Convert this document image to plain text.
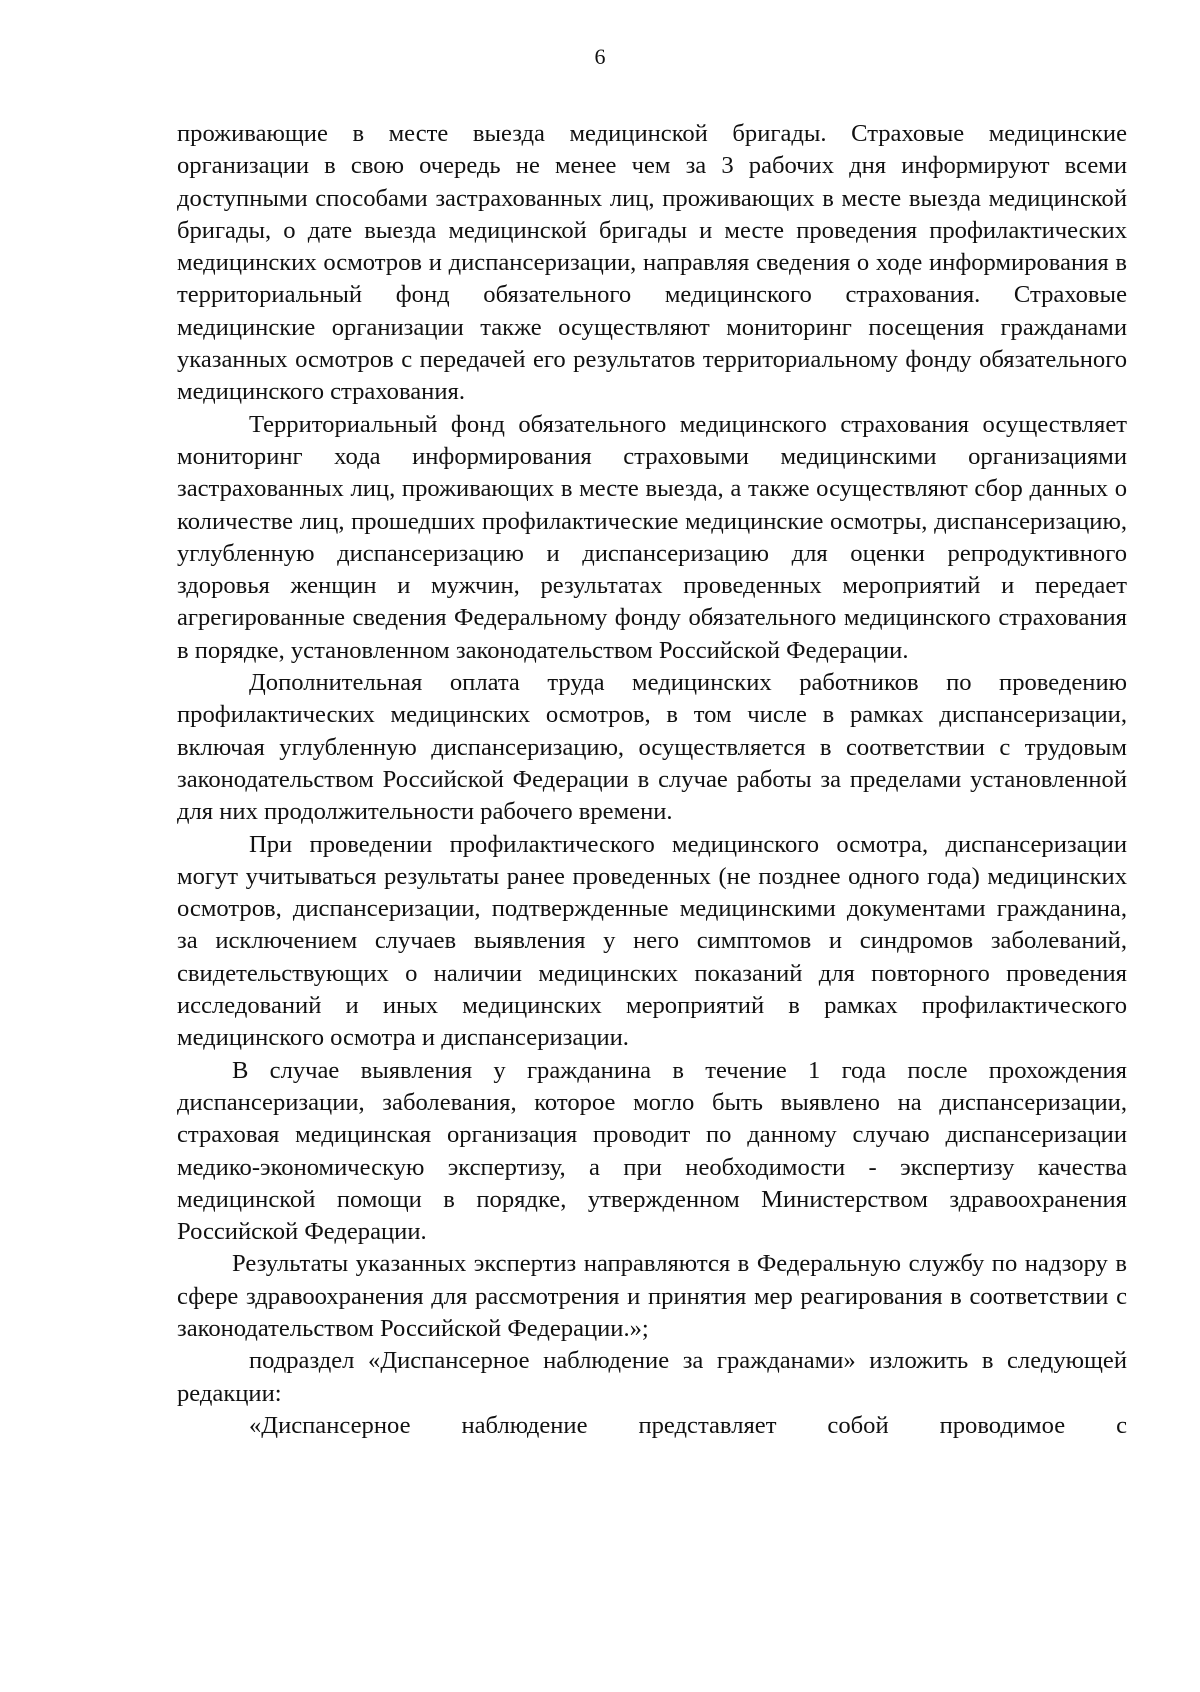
6

проживающие в месте выезда медицинской бригады. Страховые медицинские организации в свою очередь не менее чем за 3 рабочих дня информируют всеми доступными способами застрахованных лиц, проживающих в месте выезда медицинской бригады, о дате выезда медицинской бригады и месте проведения профилактических медицинских осмотров и диспансеризации, направляя сведения о ходе информирования в территориальный фонд обязательного медицинского страхования. Страховые медицинские организации также осуществляют мониторинг посещения гражданами указанных осмотров с передачей его результатов территориальному фонду обязательного медицинского страхования.

Территориальный фонд обязательного медицинского страхования осуществляет мониторинг хода информирования страховыми медицинскими организациями застрахованных лиц, проживающих в месте выезда, а также осуществляют сбор данных о количестве лиц, прошедших профилактические медицинские осмотры, диспансеризацию, углубленную диспансеризацию и диспансеризацию для оценки репродуктивного здоровья женщин и мужчин, результатах проведенных мероприятий и передает агрегированные сведения Федеральному фонду обязательного медицинского страхования в порядке, установленном законодательством Российской Федерации.

Дополнительная оплата труда медицинских работников по проведению профилактических медицинских осмотров, в том числе в рамках диспансеризации, включая углубленную диспансеризацию, осуществляется в соответствии с трудовым законодательством Российской Федерации в случае работы за пределами установленной для них продолжительности рабочего времени.

При проведении профилактического медицинского осмотра, диспансеризации могут учитываться результаты ранее проведенных (не позднее одного года) медицинских осмотров, диспансеризации, подтвержденные медицинскими документами гражданина, за исключением случаев выявления у него симптомов и синдромов заболеваний, свидетельствующих о наличии медицинских показаний для повторного проведения исследований и иных медицинских мероприятий в рамках профилактического медицинского осмотра и диспансеризации.

В случае выявления у гражданина в течение 1 года после прохождения диспансеризации, заболевания, которое могло быть выявлено на диспансеризации, страховая медицинская организация проводит по данному случаю диспансеризации медико-экономическую экспертизу, а при необходимости - экспертизу качества медицинской помощи в порядке, утвержденном Министерством здравоохранения Российской Федерации.

Результаты указанных экспертиз направляются в Федеральную службу по надзору в сфере здравоохранения для рассмотрения и принятия мер реагирования в соответствии с законодательством Российской Федерации.»;

подраздел «Диспансерное наблюдение за гражданами» изложить в следующей редакции:

«Диспансерное наблюдение представляет собой проводимое с
